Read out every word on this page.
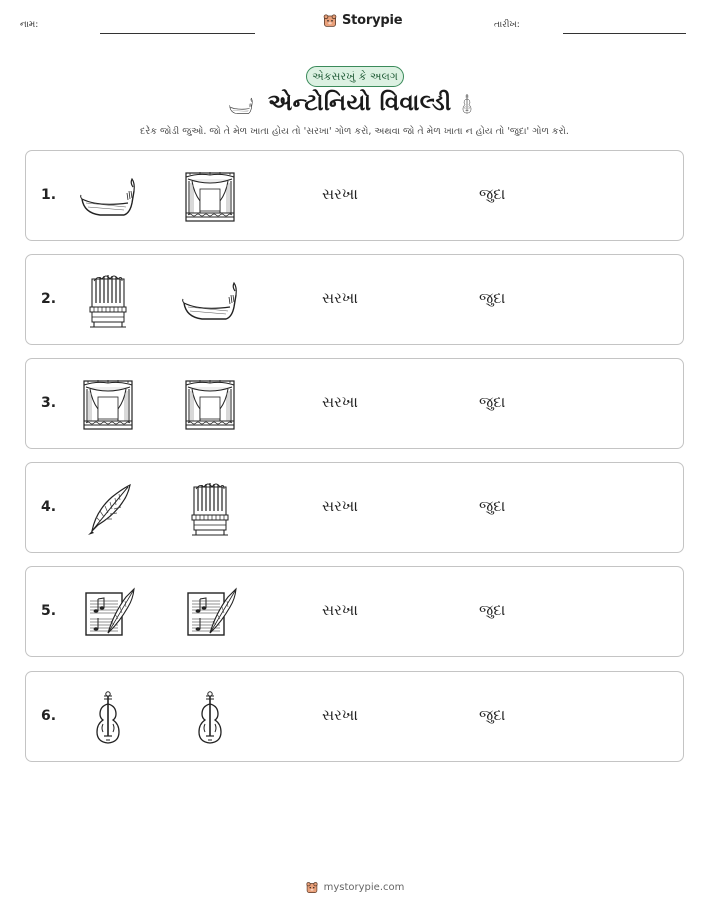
નામ:	Storypie	તારીખ:
એકસરખું કે અલગ
એન્ટોનિયો વિવાલ્ડી
દરેક જોડી જુઓ. જો તે મેળ ખાતા હોય તો 'સરખા' ગોળ કરો, અથવા જો તે મેળ ખાતા ન હોય તો 'જુદા' ગોળ કરો.
1.	સરખા	જુદા
2.	સરખા	જુદા
3.	સરખા	જુદા
4.	સરખા	જુદા
5.	સરખા	જુદા
6.	સરખા	જુદા
mystorypie.com
